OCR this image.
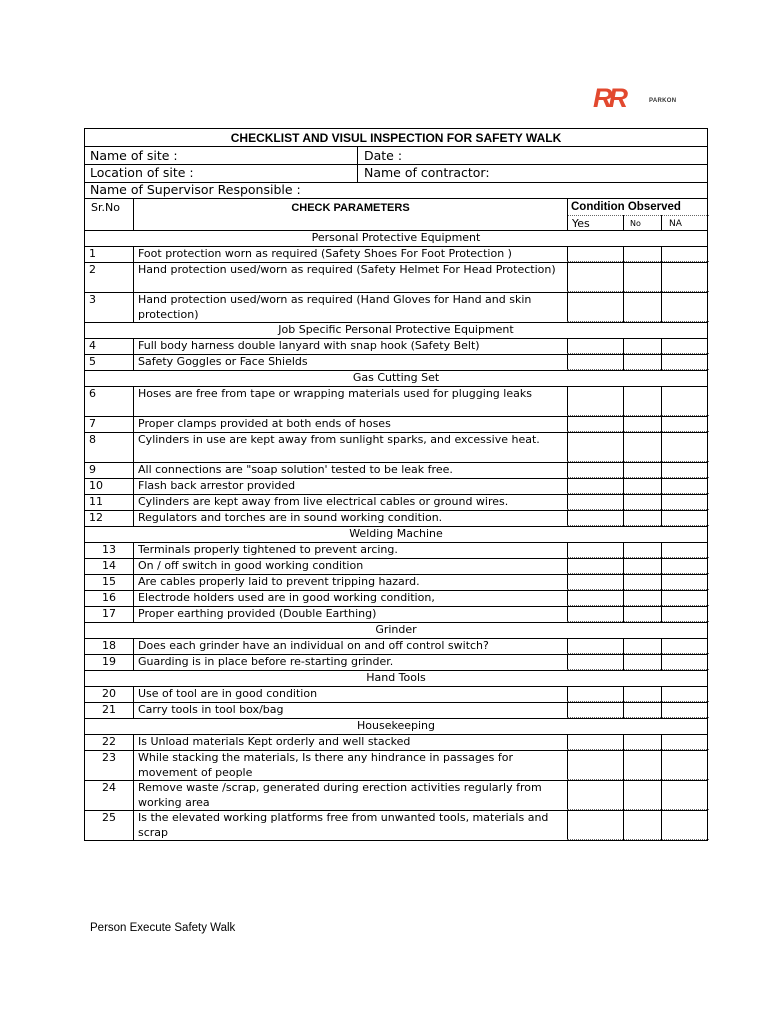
RR	PARKON
CHECKLIST AND VISUL INSPECTION FOR SAFETY WALK
Name of site :	Date :
Location of site :	Name of contractor:
Name of Supervisor Responsible :
Sr.No	CHECK PARAMETERS	Condition Observed
Yes	No	NA
Personal Protective Equipment
1	Foot protection worn as required (Safety Shoes For Foot Protection )
2	Hand protection used/worn as required (Safety Helmet For Head Protection)
3	Hand protection used/worn as required (Hand Gloves for Hand and skin protection)
Job Specific Personal Protective Equipment
4	Full body harness double lanyard with snap hook (Safety Belt)
5	Safety Goggles or Face Shields
Gas Cutting Set
6	Hoses are free from tape or wrapping materials used for plugging leaks
7	Proper clamps provided at both ends of hoses
8	Cylinders in use are kept away from sunlight sparks, and excessive heat.
9	All connections are "soap solution' tested to be leak free.
10	Flash back arrestor provided
11	Cylinders are kept away from live electrical cables or ground wires.
12	Regulators and torches are in sound working condition.
Welding Machine
13	Terminals properly tightened to prevent arcing.
14	On / off switch in good working condition
15	Are cables properly laid to prevent tripping hazard.
16	Electrode holders used are in good working condition,
17	Proper earthing provided (Double Earthing)
Grinder
18	Does each grinder have an individual on and off control switch?
19	Guarding is in place before re-starting grinder.
Hand Tools
20	Use of tool are in good condition
21	Carry tools in tool box/bag
Housekeeping
22	Is Unload materials Kept orderly and well stacked
23	While stacking the materials, Is there any hindrance in passages for movement of people
24	Remove waste /scrap, generated during erection activities regularly from working area
25	Is the elevated working platforms free from unwanted tools, materials and scrap
Person Execute Safety Walk
